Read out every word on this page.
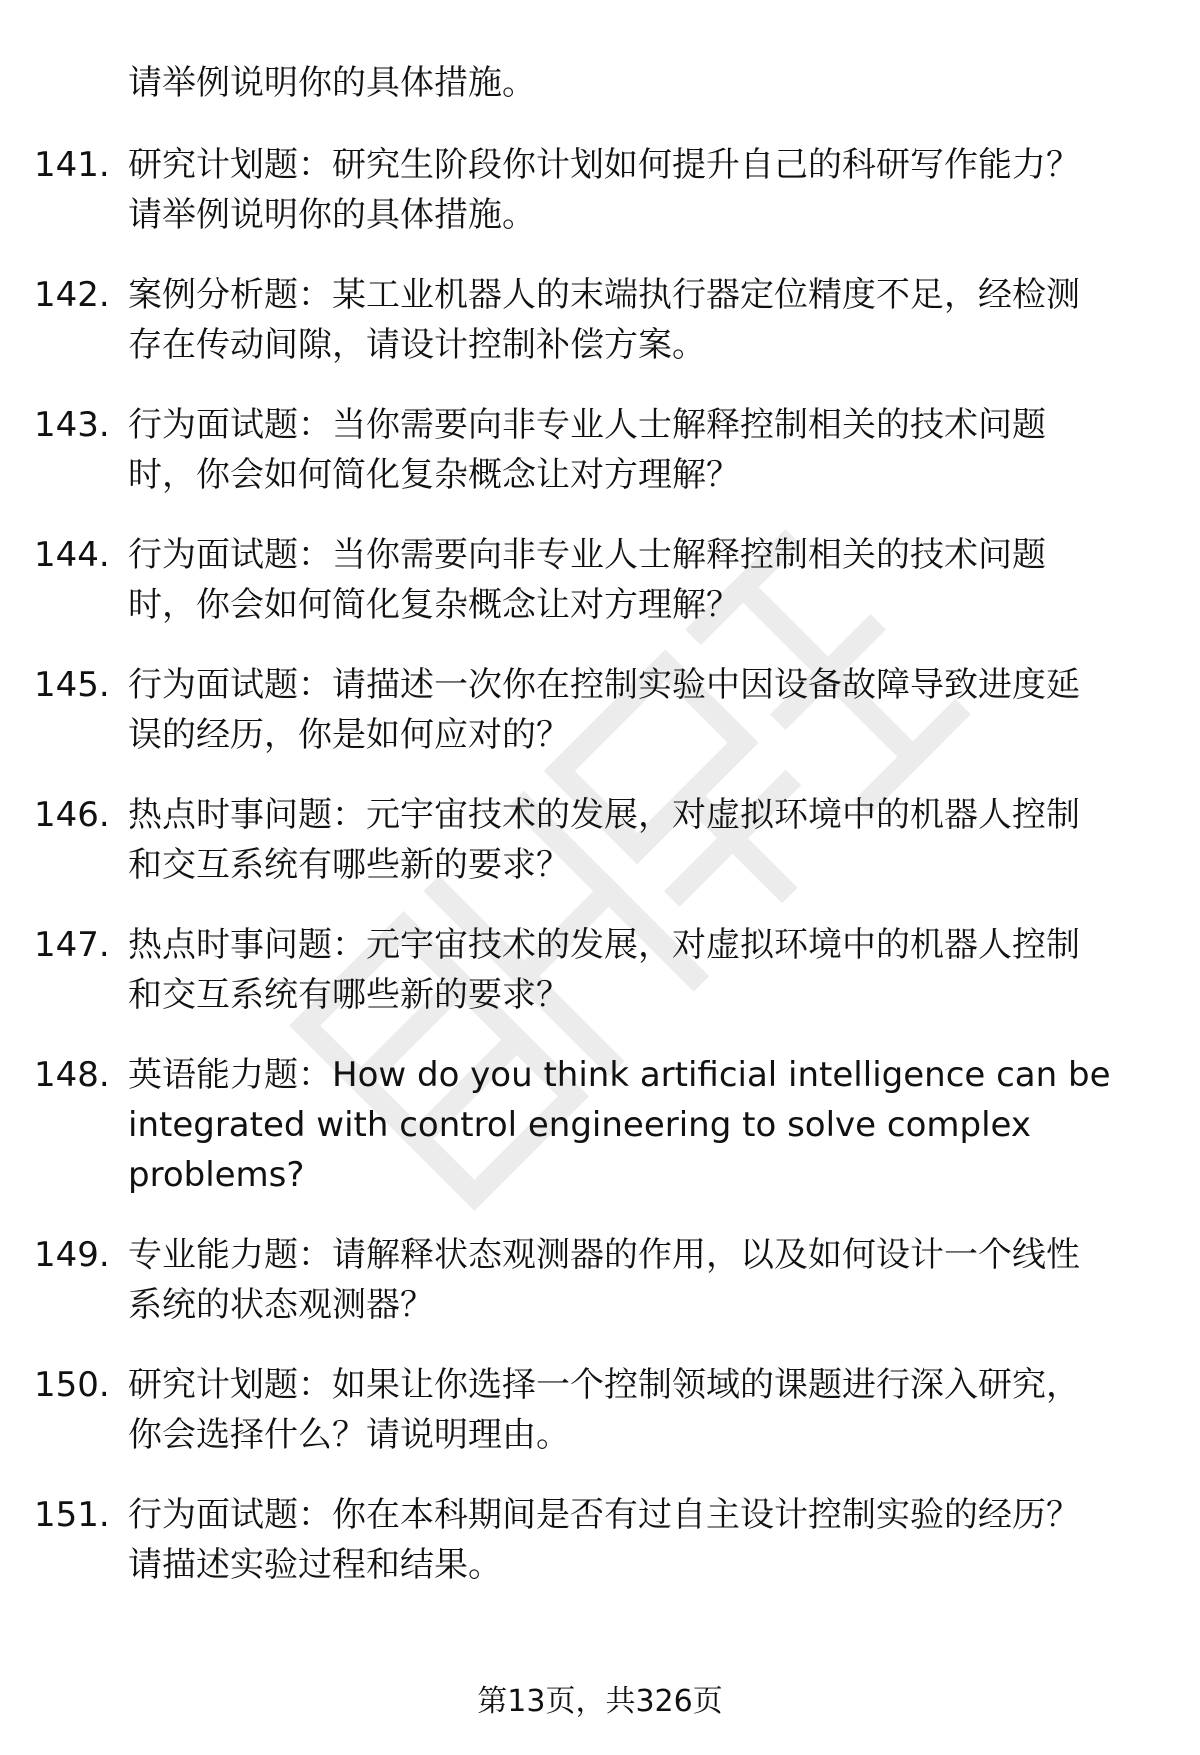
请举例说明你的具体措施。
141. 研究计划题：研究生阶段你计划如何提升自己的科研写作能力？
请举例说明你的具体措施。
142. 案例分析题：某工业机器人的末端执行器定位精度不足，经检测
存在传动间隙，请设计控制补偿方案。
143. 行为面试题：当你需要向非专业人士解释控制相关的技术问题
时，你会如何简化复杂概念让对方理解？
144. 行为面试题：当你需要向非专业人士解释控制相关的技术问题
时，你会如何简化复杂概念让对方理解？
145. 行为面试题：请描述一次你在控制实验中因设备故障导致进度延
误的经历，你是如何应对的？
146. 热点时事问题：元宇宙技术的发展，对虚拟环境中的机器人控制
和交互系统有哪些新的要求？
147. 热点时事问题：元宇宙技术的发展，对虚拟环境中的机器人控制
和交互系统有哪些新的要求？
148. 英语能力题：How do you think artificial intelligence can be
integrated with control engineering to solve complex
problems?
149. 专业能力题：请解释状态观测器的作用，以及如何设计一个线性
系统的状态观测器？
150. 研究计划题：如果让你选择一个控制领域的课题进行深入研究，
你会选择什么？请说明理由。
151. 行为面试题：你在本科期间是否有过自主设计控制实验的经历？
请描述实验过程和结果。
第13页，共326页
